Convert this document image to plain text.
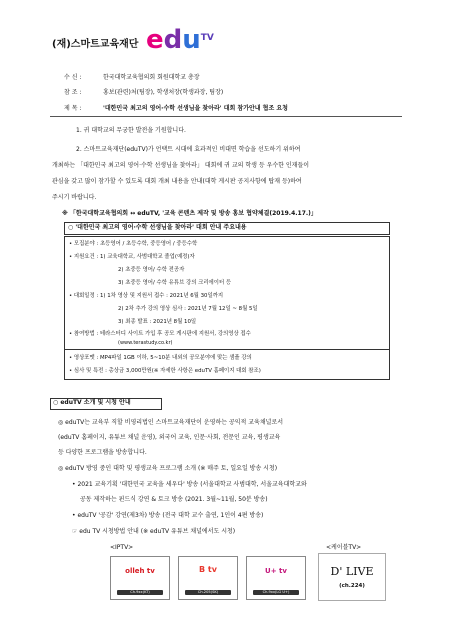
(재)스마트교육재단 edu$^{TV}$
수 신 :	한국대학교육협의회 회원대학교 총장
참 조 :	홍보(관련)처(팀장), 학생처장(학생과장, 팀장)
제 목 :	'대한민국 최고의 영어·수학 선생님을 찾아라' 대회 참가안내 협조 요청
1. 귀 대학교의 무궁한 발전을 기원합니다.
2. 스마트교육재단(eduTV)가 언택트 시대에 효과적인 비대면 학습을 선도하기 위하여
개최하는 「대한민국 최고의 영어·수학 선생님을 찾아라」 대회에 귀 교의 학생 등 우수한 인재들이
관심을 갖고 많이 참가할 수 있도록 대회 개최 내용을 안내(대학 게시판 공지사항에 탑재 등)하여
주시기 바랍니다.
※ 「한국대학교육협의회 ↔ eduTV, '교육 콘텐츠 제작 및 방송 홍보 협약체결(2019.4.17.)」
○ '대한민국 최고의 영어·수학 선생님을 찾아라' 대회 안내 주요내용
• 모집분야 : 초등영어 / 초등수학, 중등영어 / 중등수학
• 지원요건 : 1) 교육대학교, 사범대학교 졸업(예정)자
2) 초중등 영어/ 수학 전공자
3) 초중등 영어/ 수학 유튜브 강의 크리에이터 등
• 대회일정 : 1) 1차 영상 및 지원서 접수 : 2021년 6월 30일까지
2) 2차 추가 강의 영상 심사 : 2021년 7월 12일 ~ 8월 5일
3) 최종 발표 : 2021년 8월 10일
• 참여방법 : 테라스터디 사이트 가입 후 공모 게시판에 지원서, 강의영상 접수
(www.terastudy.co.kr)
• 영상포맷 : MP4파일 1GB 이하, 5~10분 내외의 공모분야에 맞는 샘플 강의
• 심사 및 특전 : 총상금 3,000만원(※ 자세한 사항은 eduTV 홈페이지 대회 참조)
○ eduTV 소개 및 시청 안내
◎ eduTV는 교육부 직할 비영리법인 스마트교육재단이 운영하는 공익적 교육채널로서
(eduTV 홈페이지, 유튜브 채널 운영), 외국어 교육, 인문·사회, 전문인 교육, 평생교육
등 다양한 프로그램을 방송합니다.
◎ eduTV 방영 중인 대학 및 평생교육 프로그램 소개 (※ 매주 토, 일요일 방송 시청)
• 2021 교육기획 '대한민국 교육을 세우다' 방송 (서울대학교 사범대학, 서울교육대학교와
공동 제작하는 핀드식 강연 & 토크 방송 (2021. 3월~11월, 50분 방송)
• eduTV '공감' 강연(제3차) 방송 (전국 대학 교수 출연, 1인이 4편 방송)
☞ edu TV 시청방법 안내 (※ eduTV 유튜브 채널에서도 시청)
<IPTV>	<케이블TV>
olleh tv
Ch.9xx(KT)
B tv
Ch.205(SK)
U+ tv
Ch.9xx(LG U+)
D' LIVE
(ch.224)
